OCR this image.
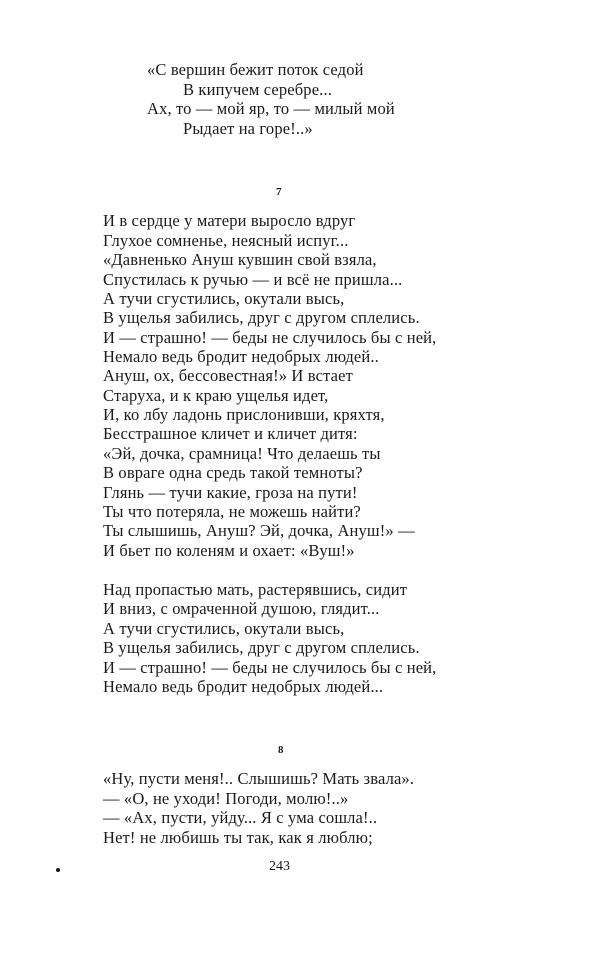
«С вершин бежит поток седой
В кипучем серебре...
Ах, то — мой яр, то — милый мой
Рыдает на горе!..»
7
И в сердце у матери выросло вдруг
Глухое сомненье, неясный испуг...
«Давненько Ануш кувшин свой взяла,
Спустилась к ручью — и всё не пришла...
А тучи сгустились, окутали высь,
В ущелья забились, друг с другом сплелись.
И — страшно! — беды не случилось бы с ней,
Немало ведь бродит недобрых людей..
Ануш, ох, бессовестная!» И встает
Старуха, и к краю ущелья идет,
И, ко лбу ладонь прислонивши, кряхтя,
Бесстрашное кличет и кличет дитя:
«Эй, дочка, срамница! Что делаешь ты
В овраге одна средь такой темноты?
Глянь — тучи какие, гроза на пути!
Ты что потеряла, не можешь найти?
Ты слышишь, Ануш? Эй, дочка, Ануш!» —
И бьет по коленям и охает: «Вуш!»
Над пропастью мать, растерявшись, сидит
И вниз, с омраченной душою, глядит...
А тучи сгустились, окутали высь,
В ущелья забились, друг с другом сплелись.
И — страшно! — беды не случилось бы с ней,
Немало ведь бродит недобрых людей...
8
«Ну, пусти меня!.. Слышишь? Мать звала».
— «О, не уходи! Погоди, молю!..»
— «Ах, пусти, уйду... Я с ума сошла!..
Нет! не любишь ты так, как я люблю;
243
